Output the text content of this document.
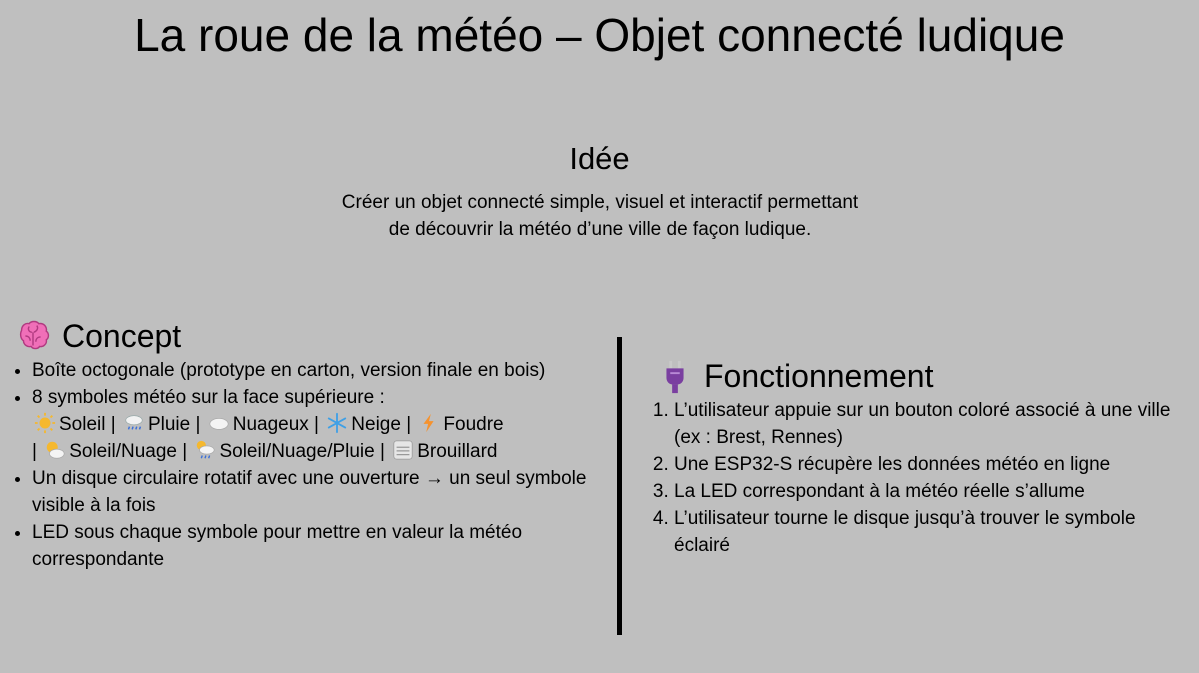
La roue de la météo – Objet connecté ludique
Idée
Créer un objet connecté simple, visuel et interactif permettant de découvrir la météo d’une ville de façon ludique.
Concept
• Boîte octogonale (prototype en carton, version finale en bois)
• 8 symboles météo sur la face supérieure :
Soleil | Pluie | Nuageux | Neige | Foudre
| Soleil/Nuage | Soleil/Nuage/Pluie | Brouillard
• Un disque circulaire rotatif avec une ouverture → un seul symbole visible à la fois
• LED sous chaque symbole pour mettre en valeur la météo correspondante
Fonctionnement
1. L’utilisateur appuie sur un bouton coloré associé à une ville (ex : Brest, Rennes)
2. Une ESP32-S récupère les données météo en ligne
3. La LED correspondant à la météo réelle s’allume
4. L’utilisateur tourne le disque jusqu’à trouver le symbole éclairé
